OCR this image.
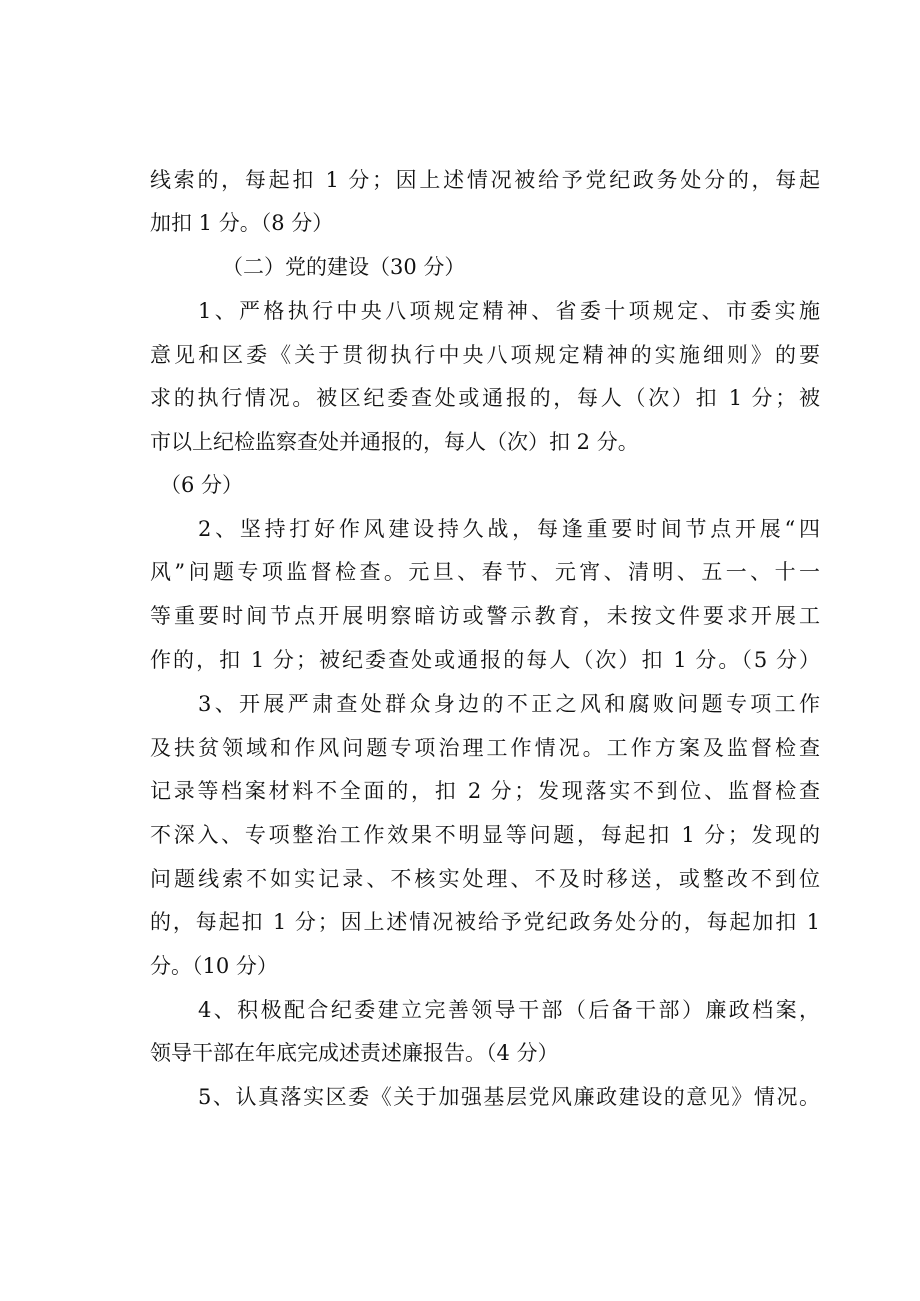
线索的，每起扣 1 分；因上述情况被给予党纪政务处分的，每起
加扣 1 分。（8 分）
（二）党的建设（30 分）
1、严格执行中央八项规定精神、省委十项规定、市委实施
意见和区委《关于贯彻执行中央八项规定精神的实施细则》的要
求的执行情况。被区纪委查处或通报的，每人（次）扣 1 分；被
市以上纪检监察查处并通报的，每人（次）扣 2 分。
（6 分）
2、坚持打好作风建设持久战，每逢重要时间节点开展“四
风”问题专项监督检查。元旦、春节、元宵、清明、五一、十一
等重要时间节点开展明察暗访或警示教育，未按文件要求开展工
作的，扣 1 分；被纪委查处或通报的每人（次）扣 1 分。（5 分）
3、开展严肃查处群众身边的不正之风和腐败问题专项工作
及扶贫领域和作风问题专项治理工作情况。工作方案及监督检查
记录等档案材料不全面的，扣 2 分；发现落实不到位、监督检查
不深入、专项整治工作效果不明显等问题，每起扣 1 分；发现的
问题线索不如实记录、不核实处理、不及时移送，或整改不到位
的，每起扣 1 分；因上述情况被给予党纪政务处分的，每起加扣 1
分。（10 分）
4、积极配合纪委建立完善领导干部（后备干部）廉政档案，
领导干部在年底完成述责述廉报告。（4 分）
5、认真落实区委《关于加强基层党风廉政建设的意见》情况。
